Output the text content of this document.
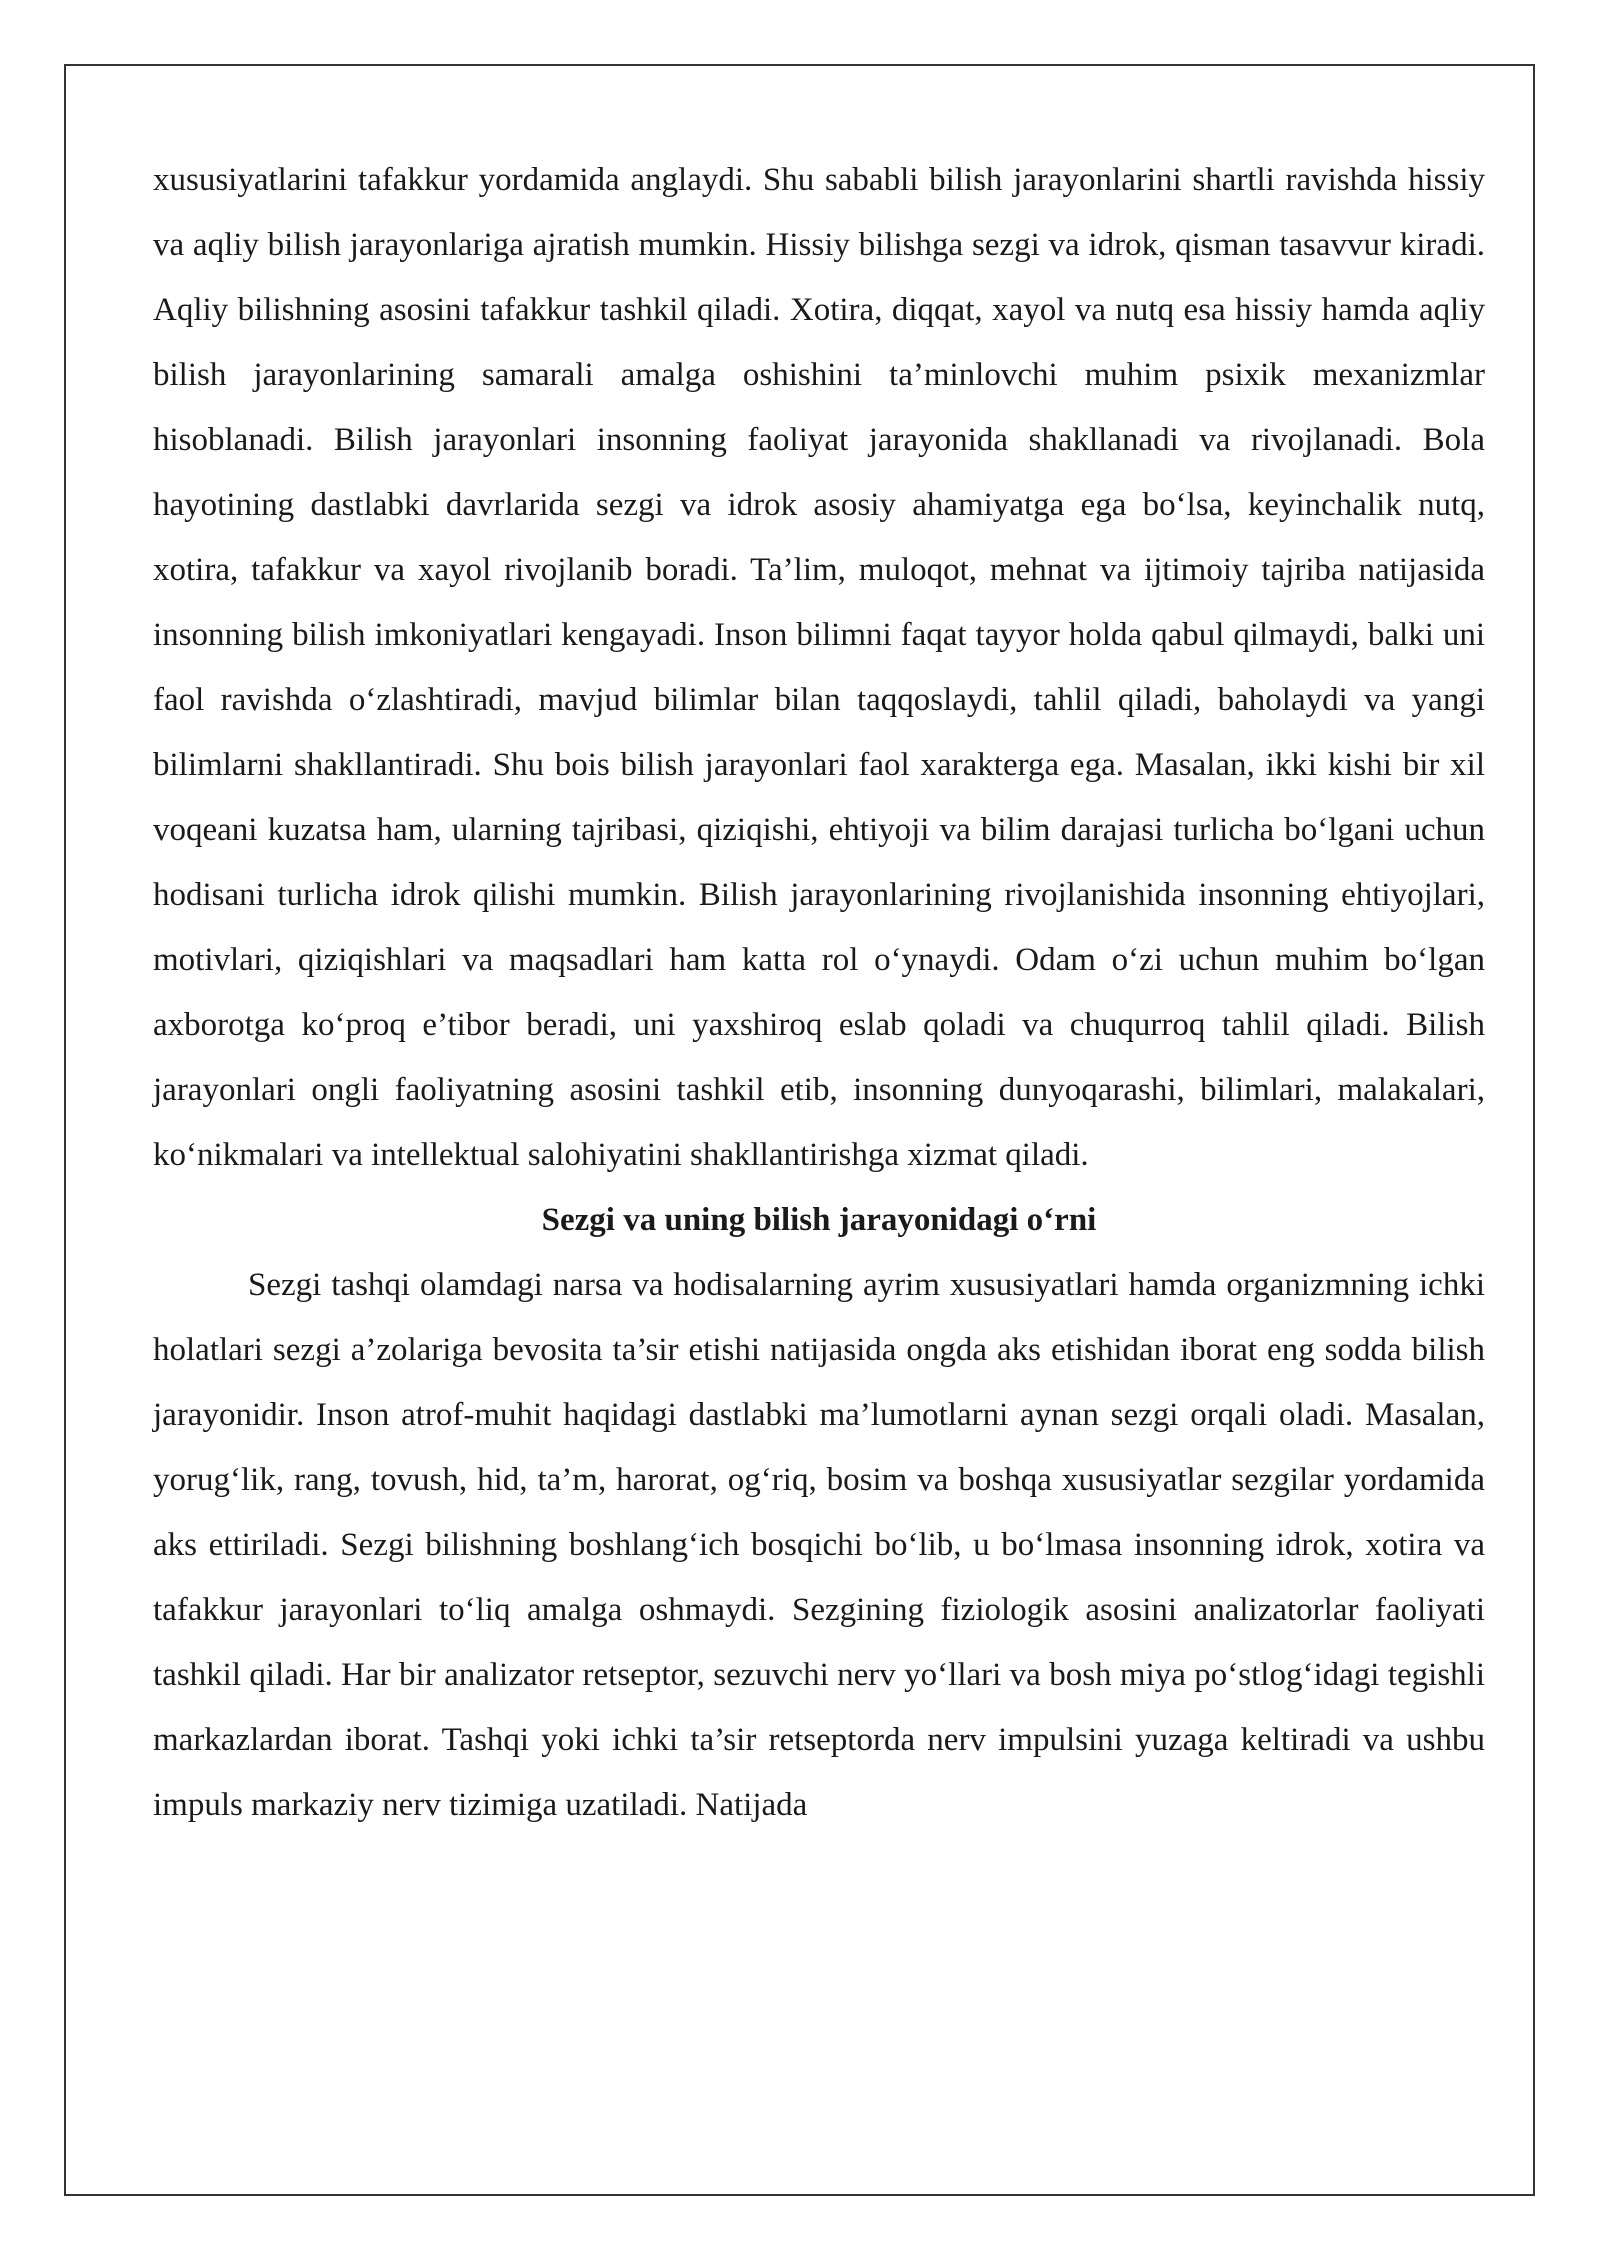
xususiyatlarini tafakkur yordamida anglaydi. Shu sababli bilish jarayonlarini shartli ravishda hissiy va aqliy bilish jarayonlariga ajratish mumkin. Hissiy bilishga sezgi va idrok, qisman tasavvur kiradi. Aqliy bilishning asosini tafakkur tashkil qiladi. Xotira, diqqat, xayol va nutq esa hissiy hamda aqliy bilish jarayonlarining samarali amalga oshishini ta’minlovchi muhim psixik mexanizmlar hisoblanadi. Bilish jarayonlari insonning faoliyat jarayonida shakllanadi va rivojlanadi. Bola hayotining dastlabki davrlarida sezgi va idrok asosiy ahamiyatga ega bo‘lsa, keyinchalik nutq, xotira, tafakkur va xayol rivojlanib boradi. Ta’lim, muloqot, mehnat va ijtimoiy tajriba natijasida insonning bilish imkoniyatlari kengayadi. Inson bilimni faqat tayyor holda qabul qilmaydi, balki uni faol ravishda o‘zlashtiradi, mavjud bilimlar bilan taqqoslaydi, tahlil qiladi, baholaydi va yangi bilimlarni shakllantiradi. Shu bois bilish jarayonlari faol xarakterga ega. Masalan, ikki kishi bir xil voqeani kuzatsa ham, ularning tajribasi, qiziqishi, ehtiyoji va bilim darajasi turlicha bo‘lgani uchun hodisani turlicha idrok qilishi mumkin. Bilish jarayonlarining rivojlanishida insonning ehtiyojlari, motivlari, qiziqishlari va maqsadlari ham katta rol o‘ynaydi. Odam o‘zi uchun muhim bo‘lgan axborotga ko‘proq e’tibor beradi, uni yaxshiroq eslab qoladi va chuqurroq tahlil qiladi. Bilish jarayonlari ongli faoliyatning asosini tashkil etib, insonning dunyoqarashi, bilimlari, malakalari, ko‘nikmalari va intellektual salohiyatini shakllantirishga xizmat qiladi.

Sezgi va uning bilish jarayonidagi o‘rni

Sezgi tashqi olamdagi narsa va hodisalarning ayrim xususiyatlari hamda organizmning ichki holatlari sezgi a’zolariga bevosita ta’sir etishi natijasida ongda aks etishidan iborat eng sodda bilish jarayonidir. Inson atrof-muhit haqidagi dastlabki ma’lumotlarni aynan sezgi orqali oladi. Masalan, yorug‘lik, rang, tovush, hid, ta’m, harorat, og‘riq, bosim va boshqa xususiyatlar sezgilar yordamida aks ettiriladi. Sezgi bilishning boshlang‘ich bosqichi bo‘lib, u bo‘lmasa insonning idrok, xotira va tafakkur jarayonlari to‘liq amalga oshmaydi. Sezgining fiziologik asosini analizatorlar faoliyati tashkil qiladi. Har bir analizator retseptor, sezuvchi nerv yo‘llari va bosh miya po‘stlog‘idagi tegishli markazlardan iborat. Tashqi yoki ichki ta’sir retseptorda nerv impulsini yuzaga keltiradi va ushbu impuls markaziy nerv tizimiga uzatiladi. Natijada
